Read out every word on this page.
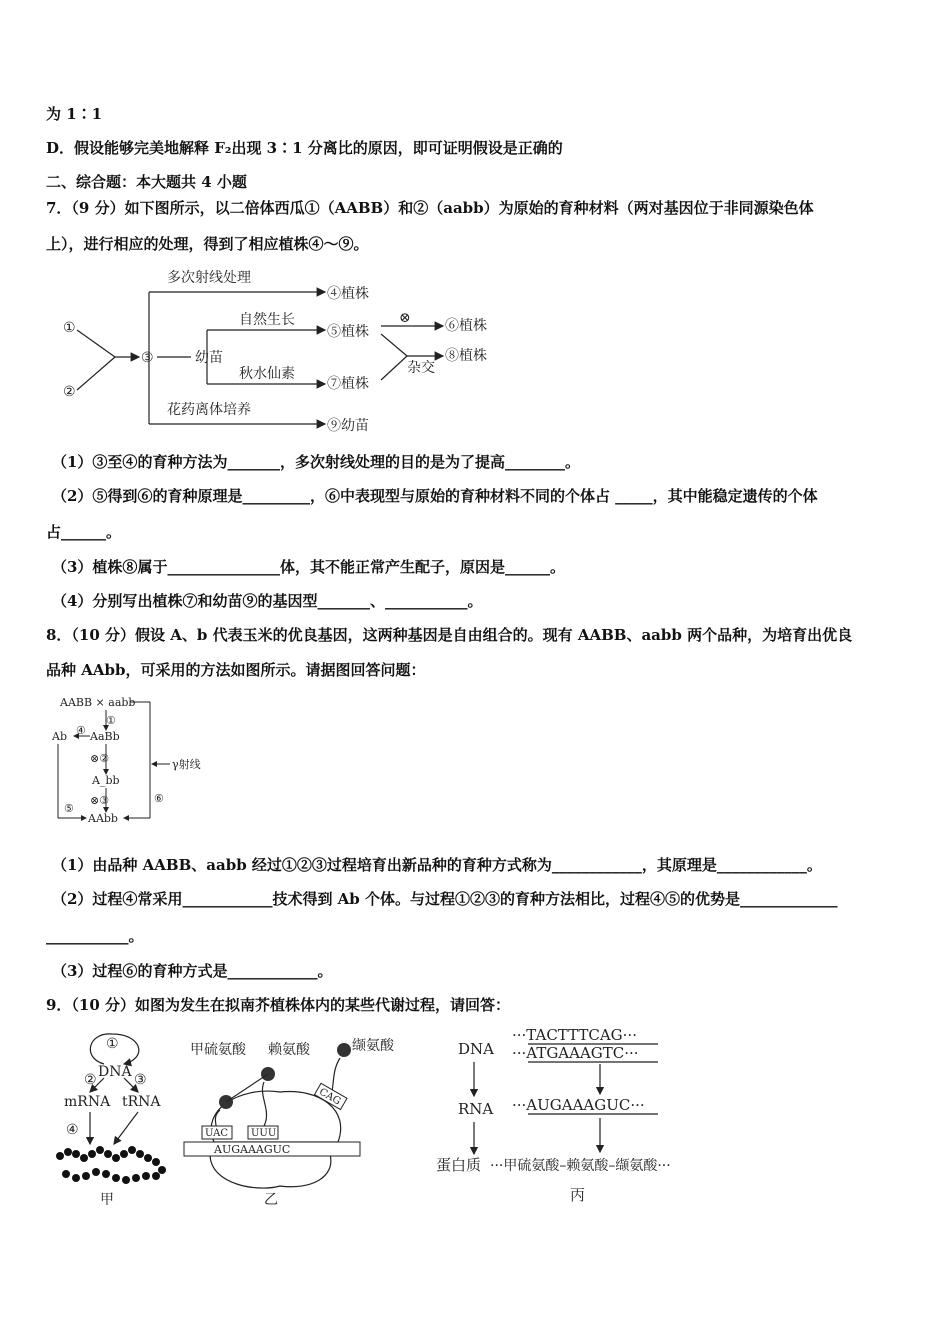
为 1∶1
D．假设能够完美地解释 F₂出现 3∶1 分离比的原因，即可证明假设是正确的
二、综合题：本大题共 4 小题
7．（9 分）如下图所示，以二倍体西瓜①（AABB）和②（aabb）为原始的育种材料（两对基因位于非同源染色体
上），进行相应的处理，得到了相应植株④～⑨。
①
②
③	幼苗
多次射线处理
④植株
自然生长
⑤植株
⊗ ⑥植株
秋水仙素
⑦植株
杂交
⑧植株
花药离体培养
⑨幼苗
（1）③至④的育种方法为_______，多次射线处理的目的是为了提高________。
（2）⑤得到⑥的育种原理是_________，⑥中表现型与原始的育种材料不同的个体占 _____，其中能稳定遗传的个体
占______。
（3）植株⑧属于_______________体，其不能正常产生配子，原因是______。
（4）分别写出植株⑦和幼苗⑨的基因型_______、___________。
8．（10 分）假设 A、b 代表玉米的优良基因，这两种基因是自由组合的。现有 AABB、aabb 两个品种，为培育出优良
品种 AAbb，可采用的方法如图所示。请据图回答问题：
AABB × aabb
①
AaBb
Ab ④
⊗②
A_bb
⊗③
⑤
AAbb
⑥
γ射线
（1）由品种 AABB、aabb 经过①②③过程培育出新品种的育种方式称为____________，其原理是____________。
（2）过程④常采用____________技术得到 Ab 个体。与过程①②③的育种方法相比，过程④⑤的优势是_____________
___________。
（3）过程⑥的育种方式是____________。
9．（10 分）如图为发生在拟南芥植株体内的某些代谢过程，请回答：
①
DNA
②	③
mRNA tRNA
④
甲
甲硫氨酸 赖氨酸	缬氨酸
乙
UAC UUU
CAG
AUGAAAGUC
DNA
RNA
蛋白质
···TACTTTCAG···
···ATGAAAGTC···
···AUGAAAGUC···
···甲硫氨酸–赖氨酸–缬氨酸···
丙
